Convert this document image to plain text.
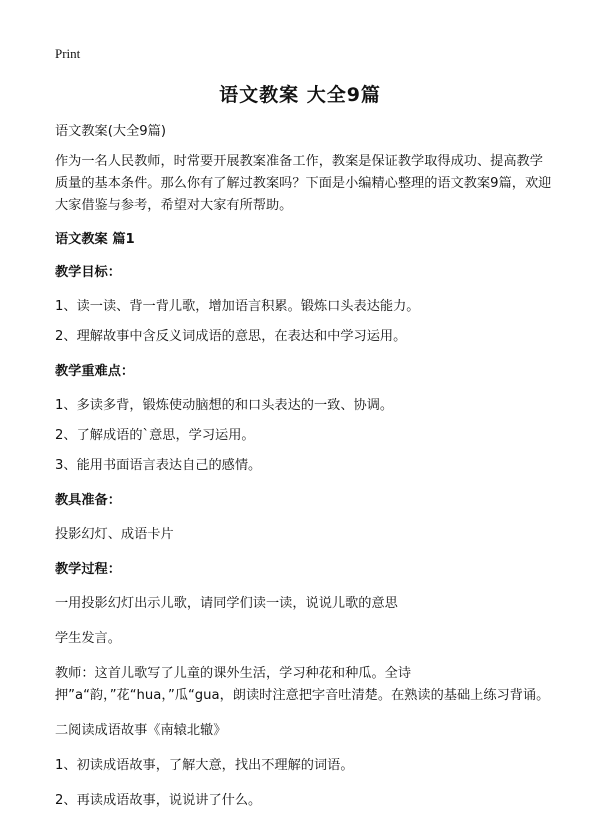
Print
语文教案 大全9篇

语文教案(大全9篇)

作为一名人民教师，时常要开展教案准备工作，教案是保证教学取得成功、提高教学质量的基本条件。那么你有了解过教案吗？下面是小编精心整理的语文教案9篇，欢迎大家借鉴与参考，希望对大家有所帮助。

语文教案 篇1

教学目标：

1、读一读、背一背儿歌，增加语言积累。锻炼口头表达能力。

2、理解故事中含反义词成语的意思，在表达和中学习运用。

教学重难点：

1、多读多背，锻炼使动脑想的和口头表达的一致、协调。

2、了解成语的`意思，学习运用。

3、能用书面语言表达自己的感情。

教具准备：

投影幻灯、成语卡片

教学过程：

一用投影幻灯出示儿歌，请同学们读一读，说说儿歌的意思

学生发言。

教师：这首儿歌写了儿童的课外生活，学习种花和种瓜。全诗押”a“韵，”花“hua，”瓜“gua，朗读时注意把字音吐清楚。在熟读的基础上练习背诵。

二阅读成语故事《南辕北辙》

1、初读成语故事，了解大意，找出不理解的词语。

2、再读成语故事，说说讲了什么。
